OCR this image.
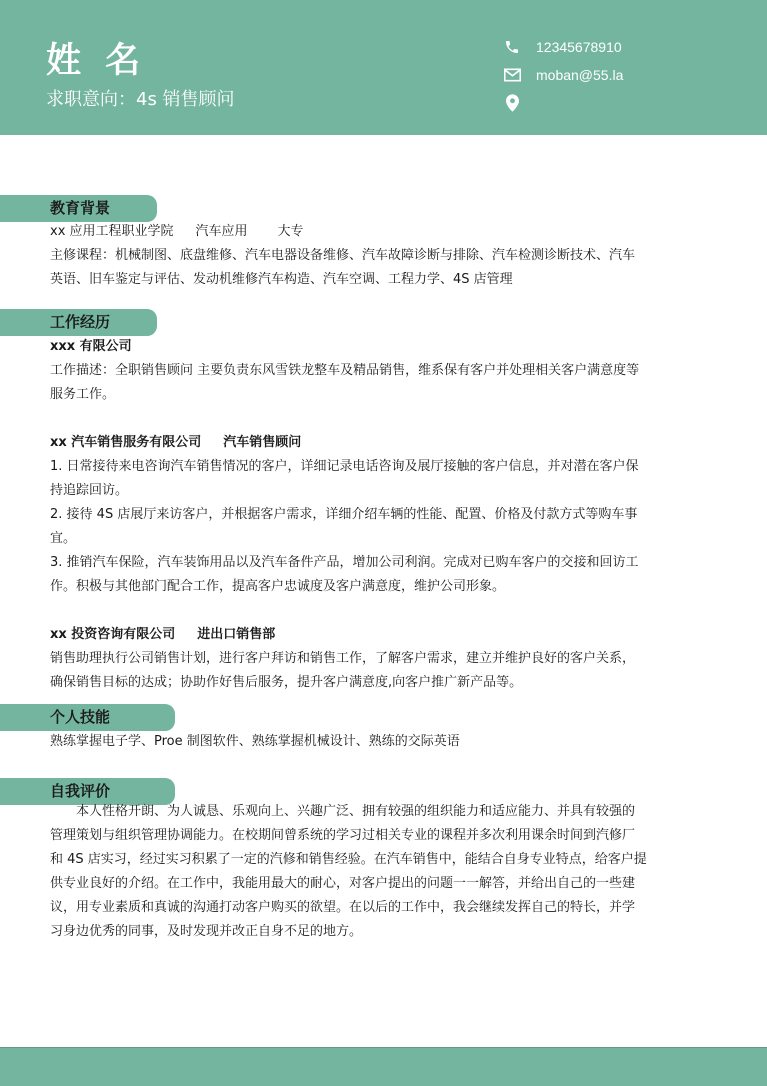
姓 名
求职意向：4s 销售顾问
12345678910
moban@55.la
教育背景

xx 应用工程职业学院 汽车应用 大专

主修课程：机械制图、底盘维修、汽车电器设备维修、汽车故障诊断与排除、汽车检测诊断技术、汽车

英语、旧车鉴定与评估、发动机维修汽车构造、汽车空调、工程力学、4S 店管理

工作经历

xxx 有限公司

工作描述：全职销售顾问 主要负责东风雪铁龙整车及精品销售，维系保有客户并处理相关客户满意度等

服务工作。

xx 汽车销售服务有限公司 汽车销售顾问

1. 日常接待来电咨询汽车销售情况的客户，详细记录电话咨询及展厅接触的客户信息，并对潜在客户保

持追踪回访。

2. 接待 4S 店展厅来访客户，并根据客户需求，详细介绍车辆的性能、配置、价格及付款方式等购车事

宜。

3. 推销汽车保险，汽车装饰用品以及汽车备件产品，增加公司利润。完成对已购车客户的交接和回访工

作。积极与其他部门配合工作，提高客户忠诚度及客户满意度，维护公司形象。

xx 投资咨询有限公司 进出口销售部

销售助理执行公司销售计划，进行客户拜访和销售工作，了解客户需求，建立并维护良好的客户关系，

确保销售目标的达成；协助作好售后服务，提升客户满意度,向客户推广新产品等。

个人技能

熟练掌握电子学、Proe 制图软件、熟练掌握机械设计、熟练的交际英语

自我评价

本人性格开朗、为人诚恳、乐观向上、兴趣广泛、拥有较强的组织能力和适应能力、并具有较强的

管理策划与组织管理协调能力。在校期间曾系统的学习过相关专业的课程并多次利用课余时间到汽修厂

和 4S 店实习，经过实习积累了一定的汽修和销售经验。在汽车销售中，能结合自身专业特点，给客户提

供专业良好的介绍。在工作中，我能用最大的耐心，对客户提出的问题一一解答，并给出自己的一些建

议，用专业素质和真诚的沟通打动客户购买的欲望。在以后的工作中，我会继续发挥自己的特长，并学

习身边优秀的同事，及时发现并改正自身不足的地方。
